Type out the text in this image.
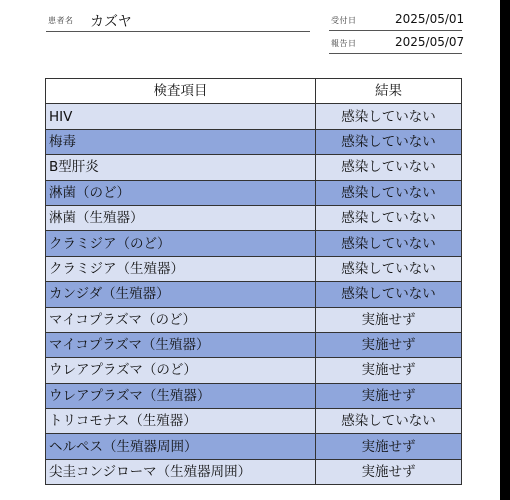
患者名 カズヤ	受付日	2025/05/01
報告日	2025/05/07
検査項目	結果
HIV	感染していない
梅毒	感染していない
B型肝炎	感染していない
淋菌（のど）	感染していない
淋菌（生殖器）	感染していない
クラミジア（のど）	感染していない
クラミジア（生殖器）	感染していない
カンジダ（生殖器）	感染していない
マイコプラズマ（のど）	実施せず
マイコプラズマ（生殖器）	実施せず
ウレアプラズマ（のど）	実施せず
ウレアプラズマ（生殖器）	実施せず
トリコモナス（生殖器）	感染していない
ヘルペス（生殖器周囲）	実施せず
尖圭コンジローマ（生殖器周囲）	実施せず
